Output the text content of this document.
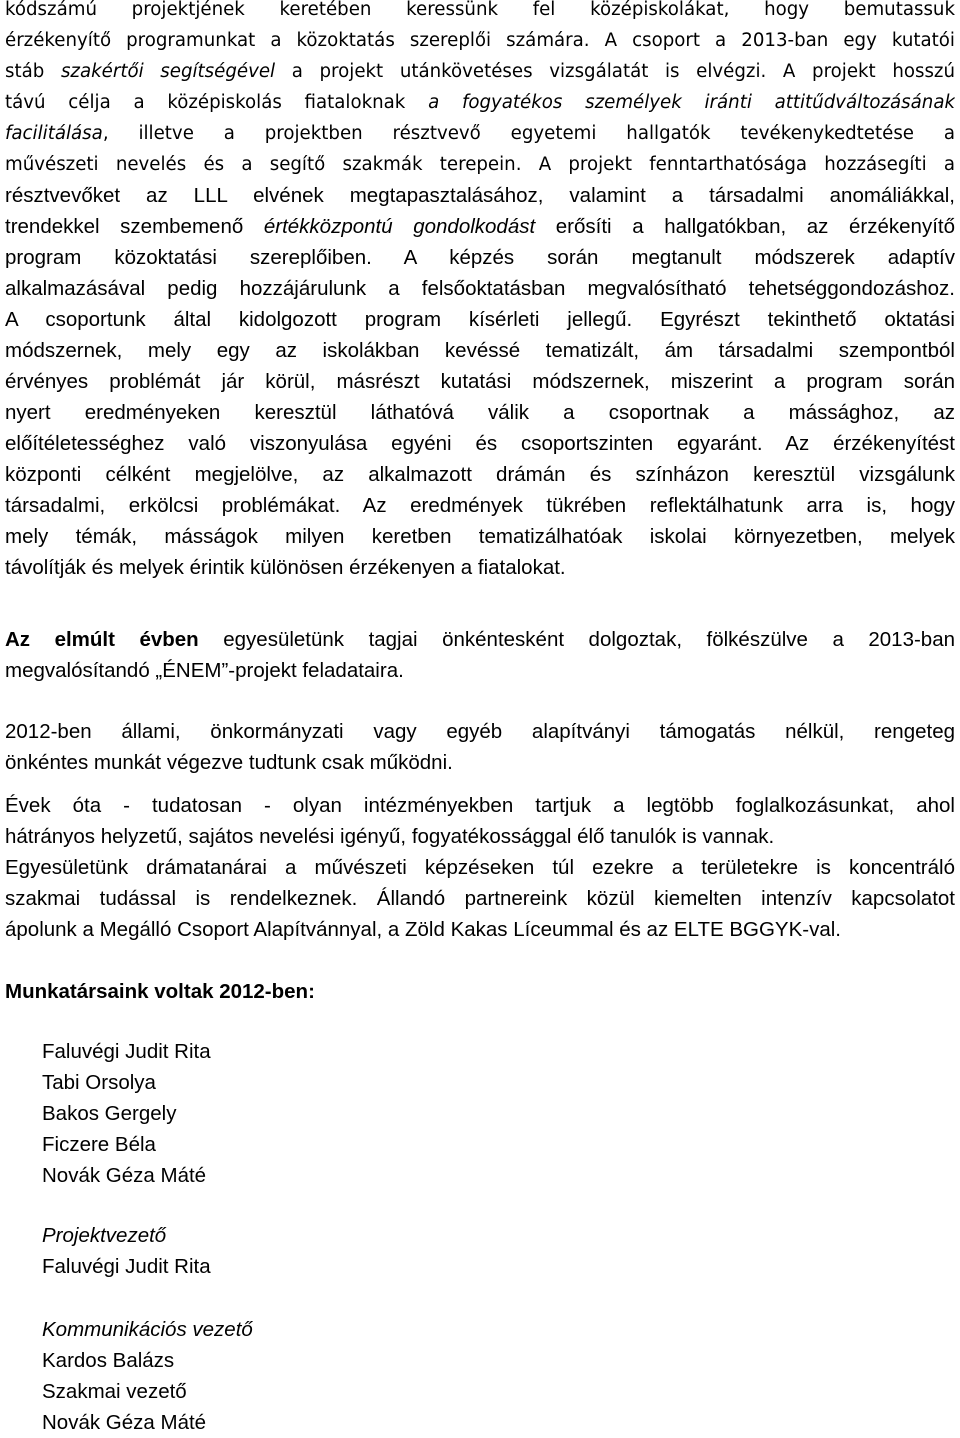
kódszámú projektjének keretében keressünk fel középiskolákat, hogy bemutassuk
érzékenyítő programunkat a közoktatás szereplői számára. A csoport a 2013-ban egy kutatói
stáb szakértői segítségével a projekt utánkövetéses vizsgálatát is elvégzi. A projekt hosszú
távú célja a középiskolás fiataloknak a fogyatékos személyek iránti attitűdváltozásának
facilitálása, illetve a projektben résztvevő egyetemi hallgatók tevékenykedtetése a
művészeti nevelés és a segítő szakmák terepein. A projekt fenntarthatósága hozzásegíti a
résztvevőket az LLL elvének megtapasztalásához, valamint a társadalmi anomáliákkal,
trendekkel szembemenő értékközpontú gondolkodást erősíti a hallgatókban, az érzékenyítő
program közoktatási szereplőiben. A képzés során megtanult módszerek adaptív
alkalmazásával pedig hozzájárulunk a felsőoktatásban megvalósítható tehetséggondozáshoz.
A csoportunk által kidolgozott program kísérleti jellegű. Egyrészt tekinthető oktatási
módszernek, mely egy az iskolákban kevéssé tematizált, ám társadalmi szempontból
érvényes problémát jár körül, másrészt kutatási módszernek, miszerint a program során
nyert eredményeken keresztül láthatóvá válik a csoportnak a mássághoz, az
előítéletességhez való viszonyulása egyéni és csoportszinten egyaránt. Az érzékenyítést
központi célként megjelölve, az alkalmazott drámán és színházon keresztül vizsgálunk
társadalmi, erkölcsi problémákat. Az eredmények tükrében reflektálhatunk arra is, hogy
mely témák, másságok milyen keretben tematizálhatóak iskolai környezetben, melyek
távolítják és melyek érintik különösen érzékenyen a fiatalokat.
Az elmúlt évben egyesületünk tagjai önkéntesként dolgoztak, fölkészülve a 2013-ban
megvalósítandó „ÉNEM”-projekt feladataira.
2012-ben állami, önkormányzati vagy egyéb alapítványi támogatás nélkül, rengeteg
önkéntes munkát végezve tudtunk csak működni.
Évek óta - tudatosan - olyan intézményekben tartjuk a legtöbb foglalkozásunkat, ahol
hátrányos helyzetű, sajátos nevelési igényű, fogyatékossággal élő tanulók is vannak.
Egyesületünk drámatanárai a művészeti képzéseken túl ezekre a területekre is koncentráló
szakmai tudással is rendelkeznek. Állandó partnereink közül kiemelten intenzív kapcsolatot
ápolunk a Megálló Csoport Alapítvánnyal, a Zöld Kakas Líceummal és az ELTE BGGYK-val.
Munkatársaink voltak 2012-ben:
Faluvégi Judit Rita
Tabi Orsolya
Bakos Gergely
Ficzere Béla
Novák Géza Máté
Projektvezető
Faluvégi Judit Rita
Kommunikációs vezető
Kardos Balázs
Szakmai vezető
Novák Géza Máté
